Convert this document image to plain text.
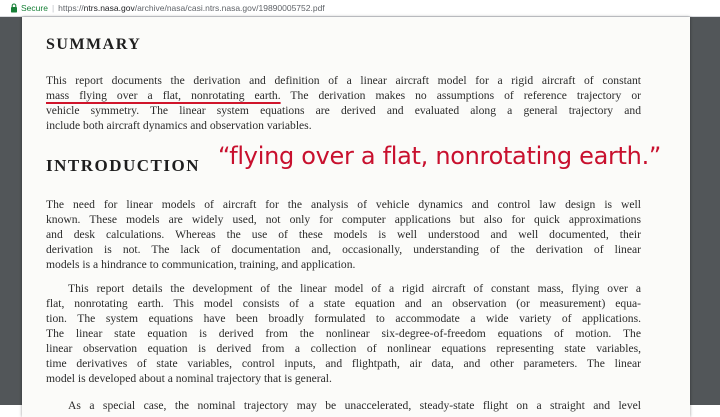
Secure | https://ntrs.nasa.gov/archive/nasa/casi.ntrs.nasa.gov/19890005752.pdf
SUMMARY
This report documents the derivation and definition of a linear aircraft model for a rigid aircraft of constant
mass flying over a flat, nonrotating earth. The derivation makes no assumptions of reference trajectory or
vehicle symmetry. The linear system equations are derived and evaluated along a general trajectory and
include both aircraft dynamics and observation variables.
INTRODUCTION
The need for linear models of aircraft for the analysis of vehicle dynamics and control law design is well
known. These models are widely used, not only for computer applications but also for quick approximations
and desk calculations. Whereas the use of these models is well understood and well documented, their
derivation is not. The lack of documentation and, occasionally, understanding of the derivation of linear
models is a hindrance to communication, training, and application.
This report details the development of the linear model of a rigid aircraft of constant mass, flying over a
flat, nonrotating earth. This model consists of a state equation and an observation (or measurement) equa-
tion. The system equations have been broadly formulated to accommodate a wide variety of applications.
The linear state equation is derived from the nonlinear six-degree-of-freedom equations of motion. The
linear observation equation is derived from a collection of nonlinear equations representing state variables,
time derivatives of state variables, control inputs, and flightpath, air data, and other parameters. The linear
model is developed about a nominal trajectory that is general.
As a special case, the nominal trajectory may be unaccelerated, steady-state flight on a straight and level
“flying over a flat, nonrotating earth.”
